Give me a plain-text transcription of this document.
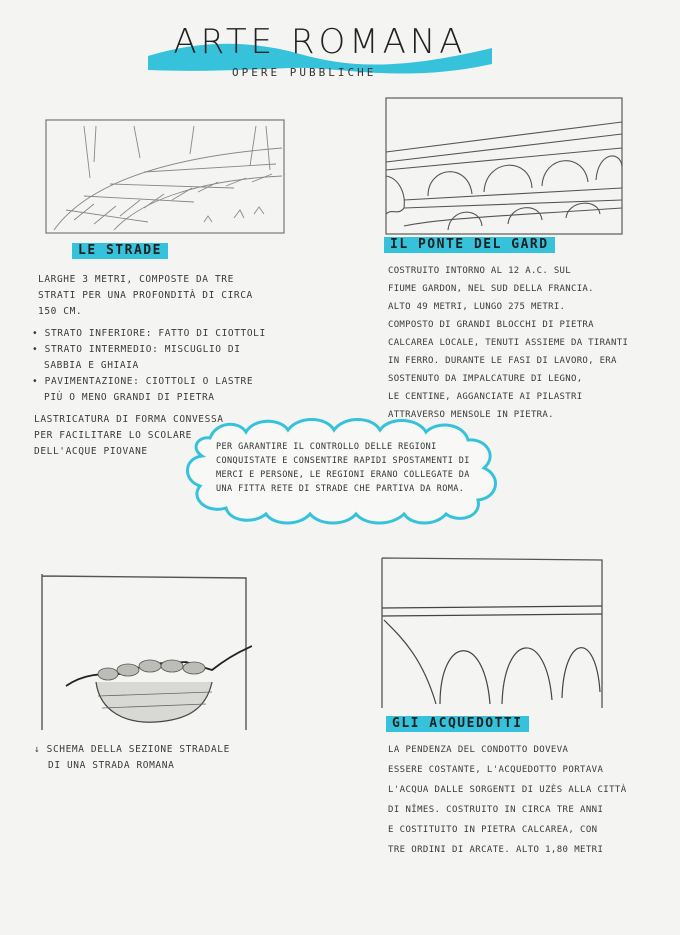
ARTE ROMANA
OPERE PUBBLICHE
LE STRADE	IL PONTE DEL GARD
LARGHE 3 METRI, COMPOSTE DA TRE
STRATI PER UNA PROFONDITÀ DI CIRCA
150 CM.
• STRATO INFERIORE: FATTO DI CIOTTOLI
• STRATO INTERMEDIO: MISCUGLIO DI
SABBIA E GHIAIA
• PAVIMENTAZIONE: CIOTTOLI O LASTRE
PIÙ O MENO GRANDI DI PIETRA
LASTRICATURA DI FORMA CONVESSA
PER FACILITARE LO SCOLARE
DELL'ACQUE PIOVANE
COSTRUITO INTORNO AL 12 A.C. SUL
FIUME GARDON, NEL SUD DELLA FRANCIA.
ALTO 49 METRI, LUNGO 275 METRI.
COMPOSTO DI GRANDI BLOCCHI DI PIETRA
CALCAREA LOCALE, TENUTI ASSIEME DA TIRANTI
IN FERRO. DURANTE LE FASI DI LAVORO, ERA
SOSTENUTO DA IMPALCATURE DI LEGNO,
LE CENTINE, AGGANCIATE AI PILASTRI
ATTRAVERSO MENSOLE IN PIETRA.
PER GARANTIRE IL CONTROLLO DELLE REGIONI
CONQUISTATE E CONSENTIRE RAPIDI SPOSTAMENTI DI
MERCI E PERSONE, LE REGIONI ERANO COLLEGATE DA
UNA FITTA RETE DI STRADE CHE PARTIVA DA ROMA.
↓ SCHEMA DELLA SEZIONE STRADALE
DI UNA STRADA ROMANA
GLI ACQUEDOTTI
LA PENDENZA DEL CONDOTTO DOVEVA
ESSERE COSTANTE, L'ACQUEDOTTO PORTAVA
L'ACQUA DALLE SORGENTI DI UZÈS ALLA CITTÀ
DI NÎMES. COSTRUITO IN CIRCA TRE ANNI
E COSTITUITO IN PIETRA CALCAREA, CON
TRE ORDINI DI ARCATE. ALTO 1,80 METRI
